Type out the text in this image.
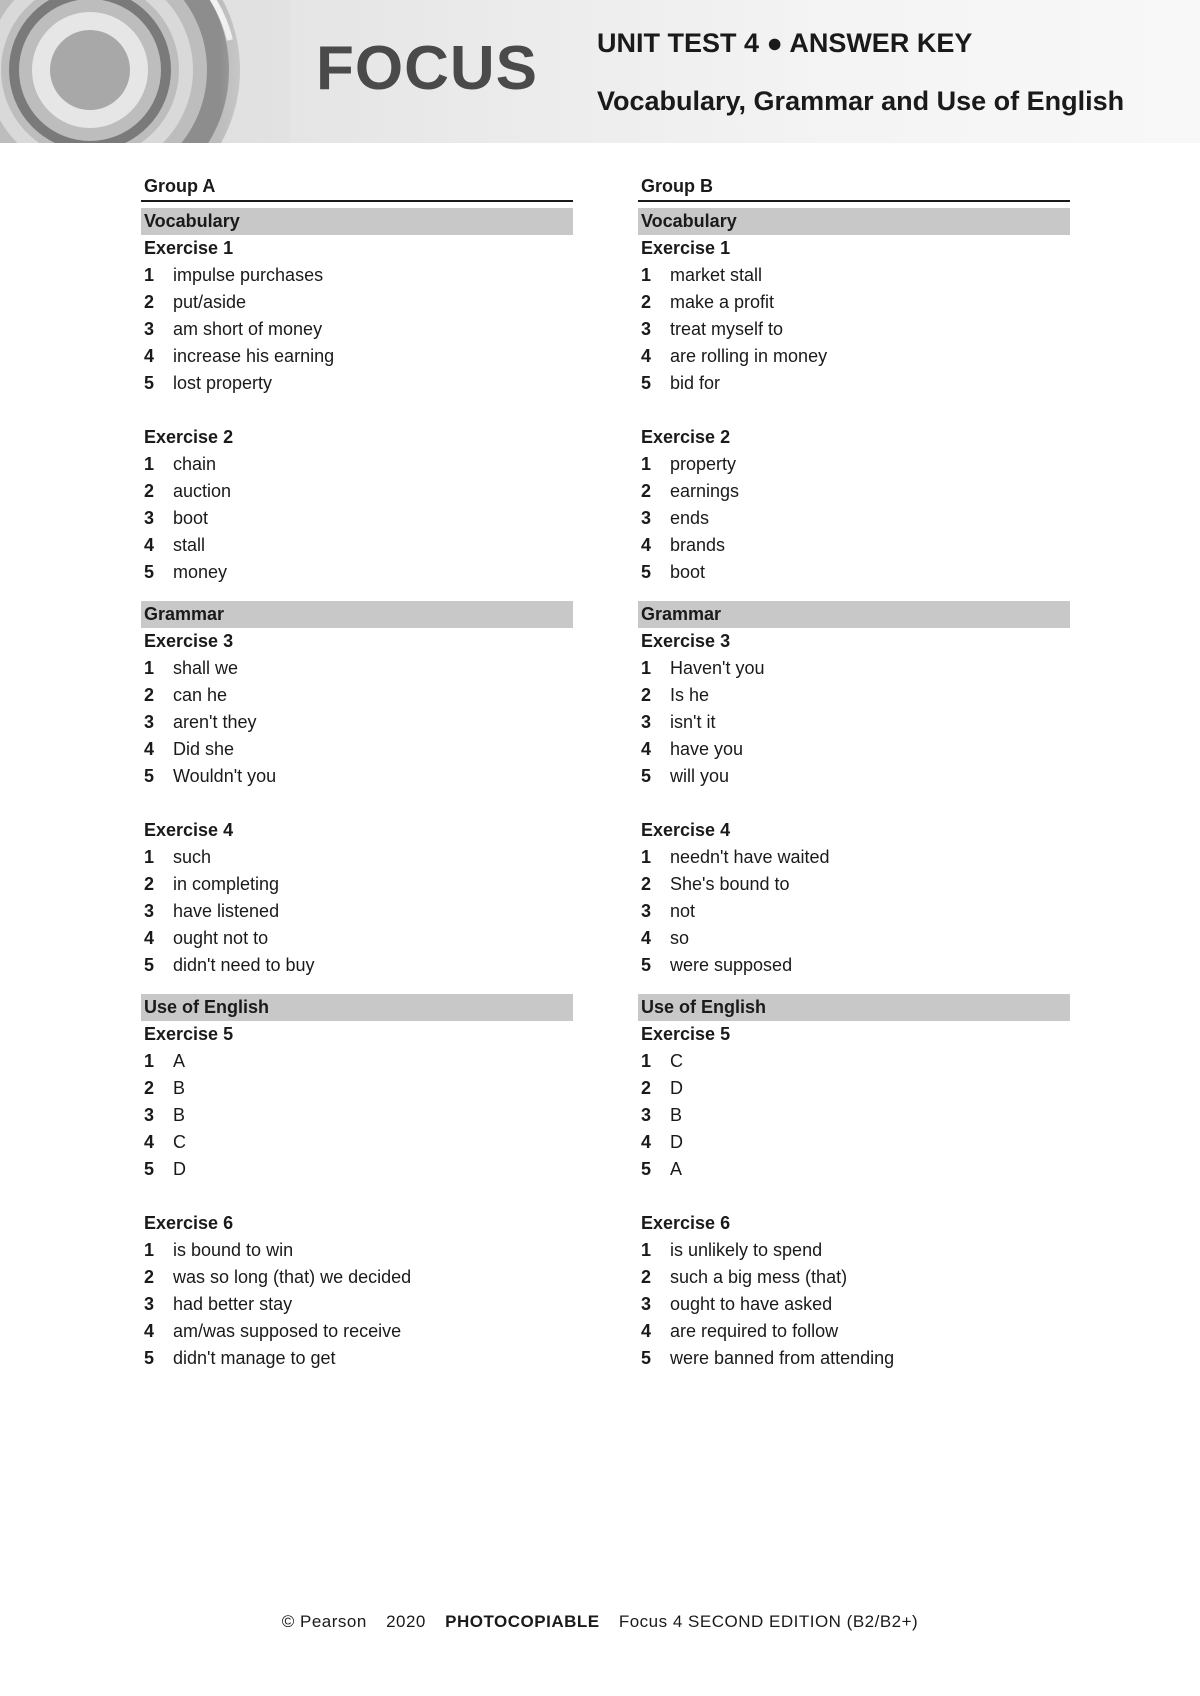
FOCUS UNIT TEST 4 ● ANSWER KEY
Vocabulary, Grammar and Use of English
Group A
Vocabulary
Exercise 1
1	impulse purchases
2	put/aside
3	am short of money
4	increase his earning
5	lost property
Exercise 2
1	chain
2	auction
3	boot
4	stall
5	money
Grammar
Exercise 3
1	shall we
2	can he
3	aren't they
4	Did she
5	Wouldn't you
Exercise 4
1	such
2	in completing
3	have listened
4	ought not to
5	didn't need to buy
Use of English
Exercise 5
1	A
2	B
3	B
4	C
5	D
Exercise 6
1	is bound to win
2	was so long (that) we decided
3	had better stay
4	am/was supposed to receive
5	didn't manage to get
Group B
Vocabulary
Exercise 1
1	market stall
2	make a profit
3	treat myself to
4	are rolling in money
5	bid for
Exercise 2
1	property
2	earnings
3	ends
4	brands
5	boot
Grammar
Exercise 3
1	Haven't you
2	Is he
3	isn't it
4	have you
5	will you
Exercise 4
1	needn't have waited
2	She's bound to
3	not
4	so
5	were supposed
Use of English
Exercise 5
1	C
2	D
3	B
4	D
5	A
Exercise 6
1	is unlikely to spend
2	such a big mess (that)
3	ought to have asked
4	are required to follow
5	were banned from attending
© Pearson 2020 PHOTOCOPIABLE Focus 4 SECOND EDITION (B2/B2+)
